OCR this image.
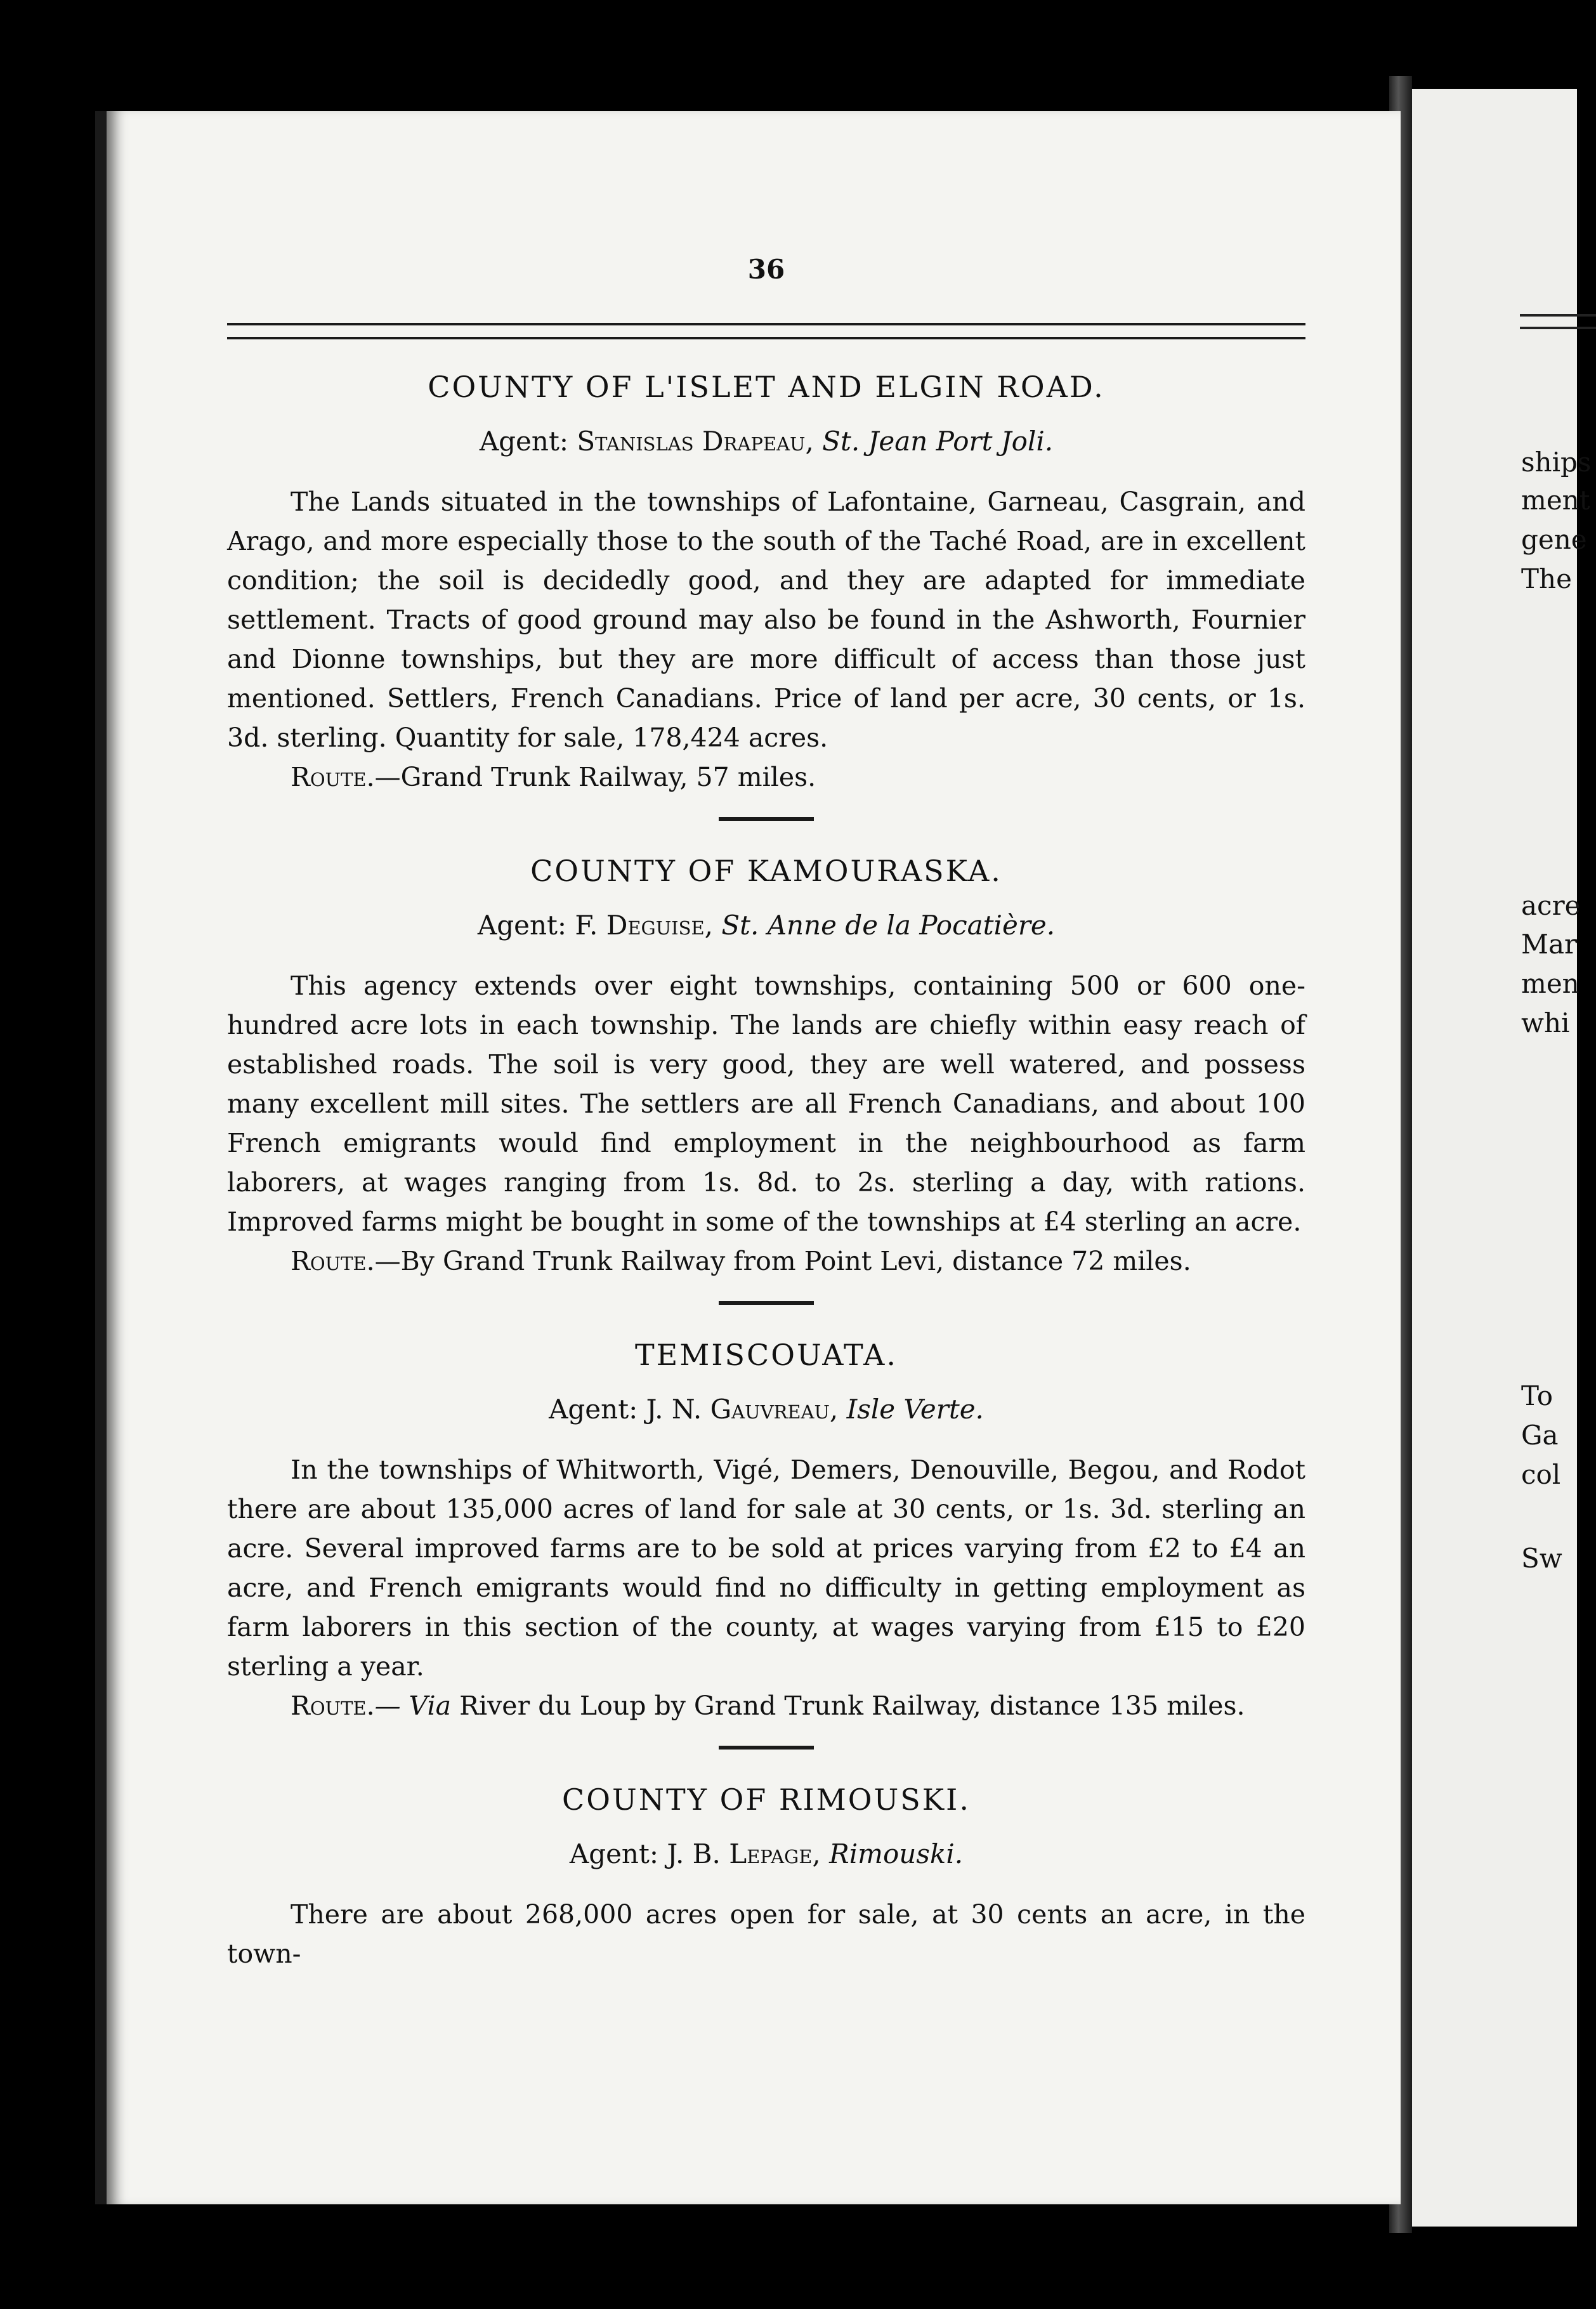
ships
ment
gene
The
acre
Mar
men
whi
To
Ga
col
Sw
36
COUNTY OF L'ISLET AND ELGIN ROAD.
Agent: Stanislas Drapeau, St. Jean Port Joli.

The Lands situated in the townships of Lafontaine, Garneau, Casgrain, and Arago, and more especially those to the south of the Taché Road, are in excellent condition; the soil is decidedly good, and they are adapted for immediate settlement. Tracts of good ground may also be found in the Ashworth, Fournier and Dionne townships, but they are more difficult of access than those just mentioned. Settlers, French Canadians. Price of land per acre, 30 cents, or 1s. 3d. sterling. Quantity for sale, 178,424 acres.

Route.—Grand Trunk Railway, 57 miles.

COUNTY OF KAMOURASKA.
Agent: F. Deguise, St. Anne de la Pocatière.

This agency extends over eight townships, containing 500 or 600 one-hundred acre lots in each township. The lands are chiefly within easy reach of established roads. The soil is very good, they are well watered, and possess many excellent mill sites. The settlers are all French Canadians, and about 100 French emigrants would find employment in the neighbourhood as farm laborers, at wages ranging from 1s. 8d. to 2s. sterling a day, with rations. Improved farms might be bought in some of the townships at £4 sterling an acre.

Route.—By Grand Trunk Railway from Point Levi, distance 72 miles.

TEMISCOUATA.
Agent: J. N. Gauvreau, Isle Verte.

In the townships of Whitworth, Vigé, Demers, Denouville, Begou, and Rodot there are about 135,000 acres of land for sale at 30 cents, or 1s. 3d. sterling an acre. Several improved farms are to be sold at prices varying from £2 to £4 an acre, and French emigrants would find no difficulty in getting employment as farm laborers in this section of the county, at wages varying from £15 to £20 sterling a year.

Route.— Via River du Loup by Grand Trunk Railway, distance 135 miles.

COUNTY OF RIMOUSKI.
Agent: J. B. Lepage, Rimouski.

There are about 268,000 acres open for sale, at 30 cents an acre, in the town-
